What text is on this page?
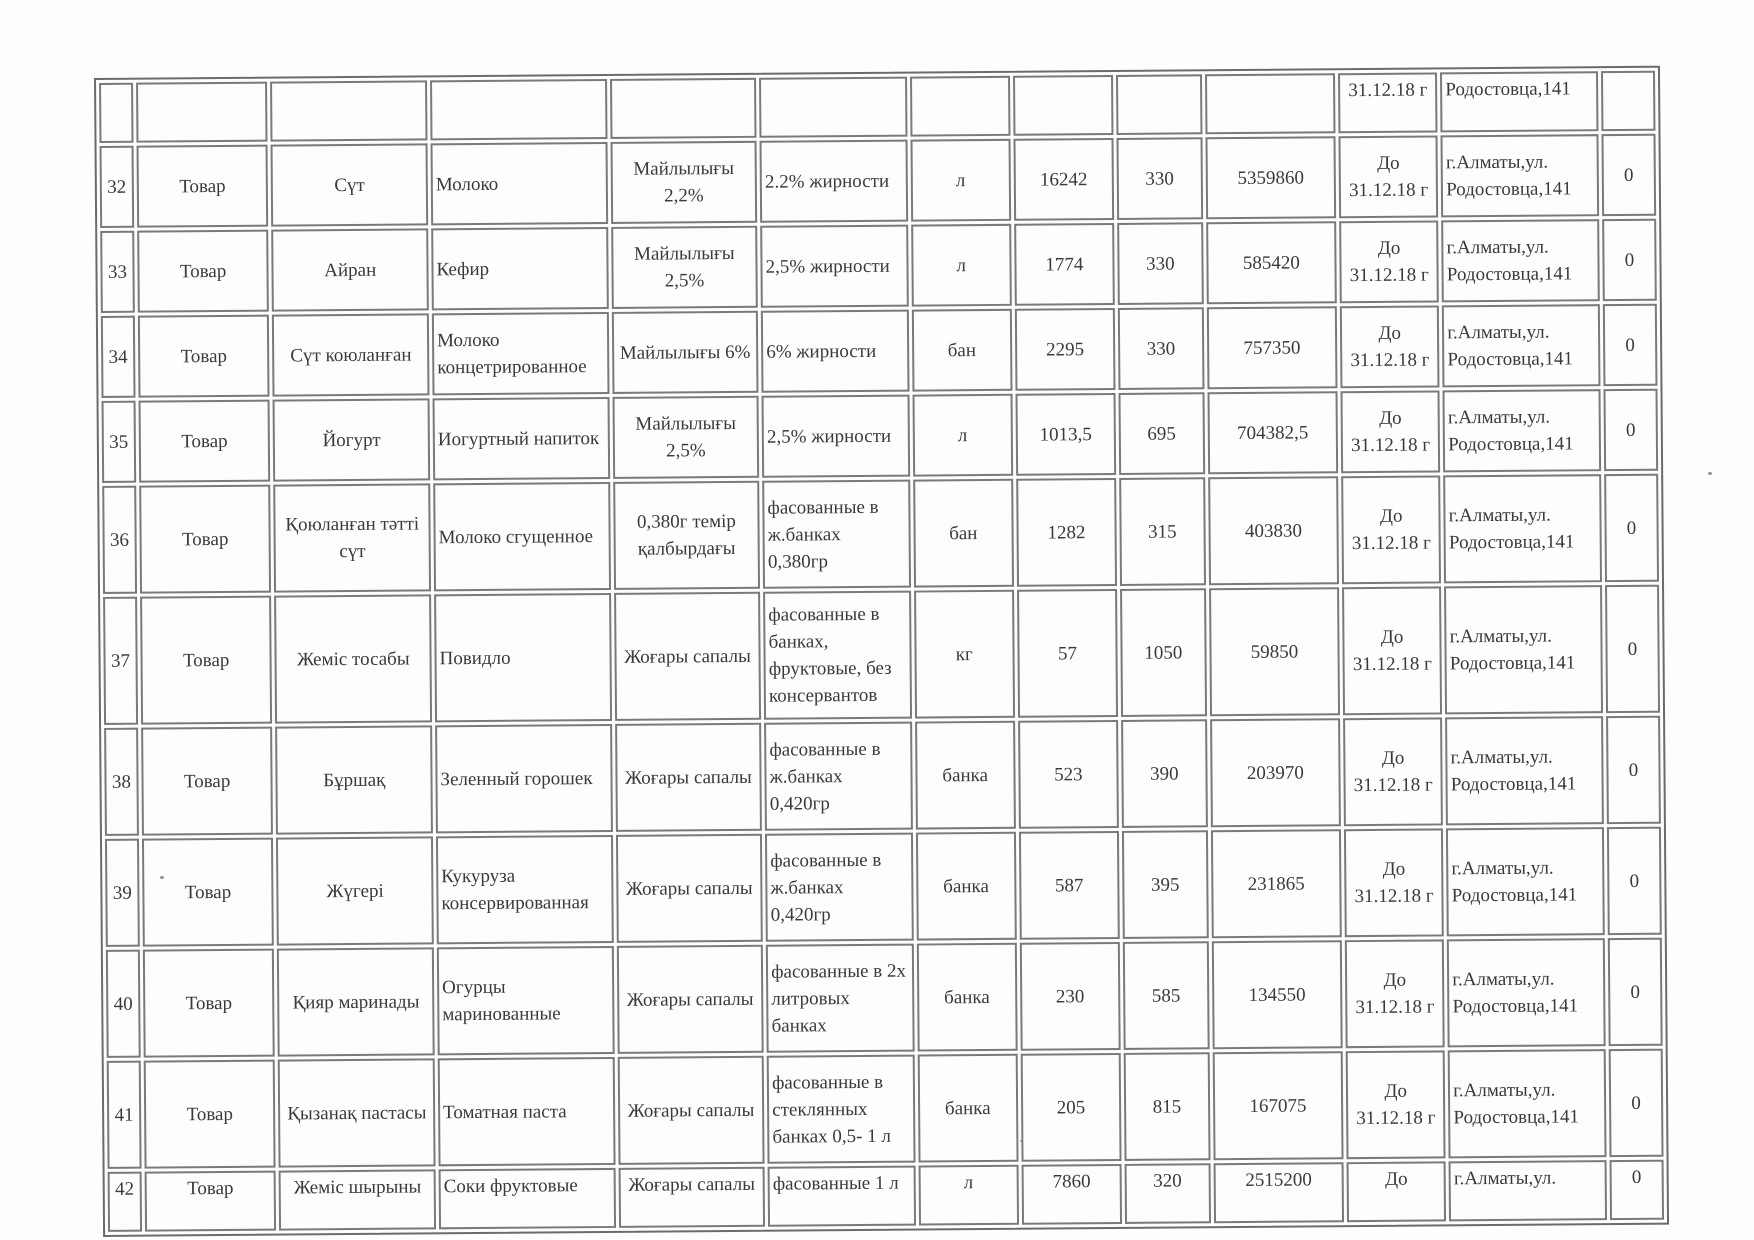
										31.12.18 г	Родостовца,141	
32	Товар	Сүт	Молоко	Майлылығы 2,2%	2.2% жирности	л	16242	330	5359860	До 31.12.18 г	г.Алматы,ул. Родостовца,141	0
33	Товар	Айран	Кефир	Майлылығы 2,5%	2,5% жирности	л	1774	330	585420	До 31.12.18 г	г.Алматы,ул. Родостовца,141	0
34	Товар	Сүт коюланған	Молоко концетрированное	Майлылығы 6%	6% жирности	бан	2295	330	757350	До 31.12.18 г	г.Алматы,ул. Родостовца,141	0
35	Товар	Йогурт	Иогуртный напиток	Майлылығы 2,5%	2,5% жирности	л	1013,5	695	704382,5	До 31.12.18 г	г.Алматы,ул. Родостовца,141	0
36	Товар	Қоюланған тәтті сүт	Молоко сгущенное	0,380г темір қалбырдағы	фасованные в ж.банках 0,380гр	бан	1282	315	403830	До 31.12.18 г	г.Алматы,ул. Родостовца,141	0
37	Товар	Жеміс тосабы	Повидло	Жоғары сапалы	фасованные в банках, фруктовые, без консервантов	кг	57	1050	59850	До 31.12.18 г	г.Алматы,ул. Родостовца,141	0
38	Товар	Бұршақ	Зеленный горошек	Жоғары сапалы	фасованные в ж.банках 0,420гр	банка	523	390	203970	До 31.12.18 г	г.Алматы,ул. Родостовца,141	0
39	Товар	Жүгері	Кукуруза консервированная	Жоғары сапалы	фасованные в ж.банках 0,420гр	банка	587	395	231865	До 31.12.18 г	г.Алматы,ул. Родостовца,141	0
40	Товар	Қияр маринады	Огурцы маринованные	Жоғары сапалы	фасованные в 2х литровых банках	банка	230	585	134550	До 31.12.18 г	г.Алматы,ул. Родостовца,141	0
41	Товар	Қызанақ пастасы	Томатная паста	Жоғары сапалы	фасованные в стеклянных банках 0,5- 1 л	банка	205	815	167075	До 31.12.18 г	г.Алматы,ул. Родостовца,141	0
42	Товар	Жеміс шырыны	Соки фруктовые	Жоғары сапалы	фасованные 1 л	л	7860	320	2515200	До	г.Алматы,ул.	0
